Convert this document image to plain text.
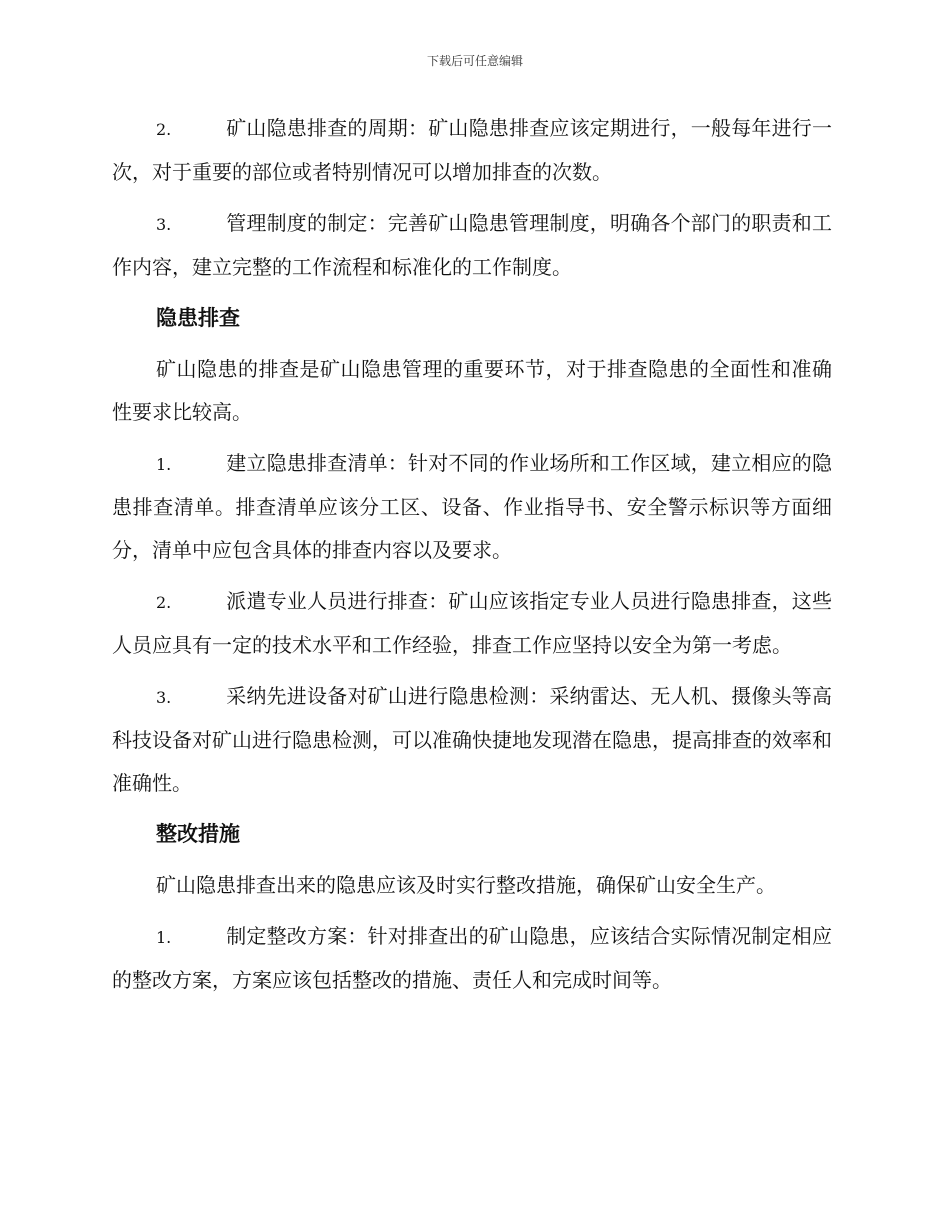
下载后可任意编辑

2.	矿山隐患排查的周期：矿山隐患排查应该定期进行，一般每年进行一次，对于重要的部位或者特别情况可以增加排查的次数。

3.	管理制度的制定：完善矿山隐患管理制度，明确各个部门的职责和工作内容，建立完整的工作流程和标准化的工作制度。

隐患排查

矿山隐患的排查是矿山隐患管理的重要环节，对于排查隐患的全面性和准确性要求比较高。

1.	建立隐患排查清单：针对不同的作业场所和工作区域，建立相应的隐患排查清单。排查清单应该分工区、设备、作业指导书、安全警示标识等方面细分，清单中应包含具体的排查内容以及要求。

2.	派遣专业人员进行排查：矿山应该指定专业人员进行隐患排查，这些人员应具有一定的技术水平和工作经验，排查工作应坚持以安全为第一考虑。

3.	采纳先进设备对矿山进行隐患检测：采纳雷达、无人机、摄像头等高科技设备对矿山进行隐患检测，可以准确快捷地发现潜在隐患，提高排查的效率和准确性。

整改措施

矿山隐患排查出来的隐患应该及时实行整改措施，确保矿山安全生产。

1.	制定整改方案：针对排查出的矿山隐患，应该结合实际情况制定相应的整改方案，方案应该包括整改的措施、责任人和完成时间等。
